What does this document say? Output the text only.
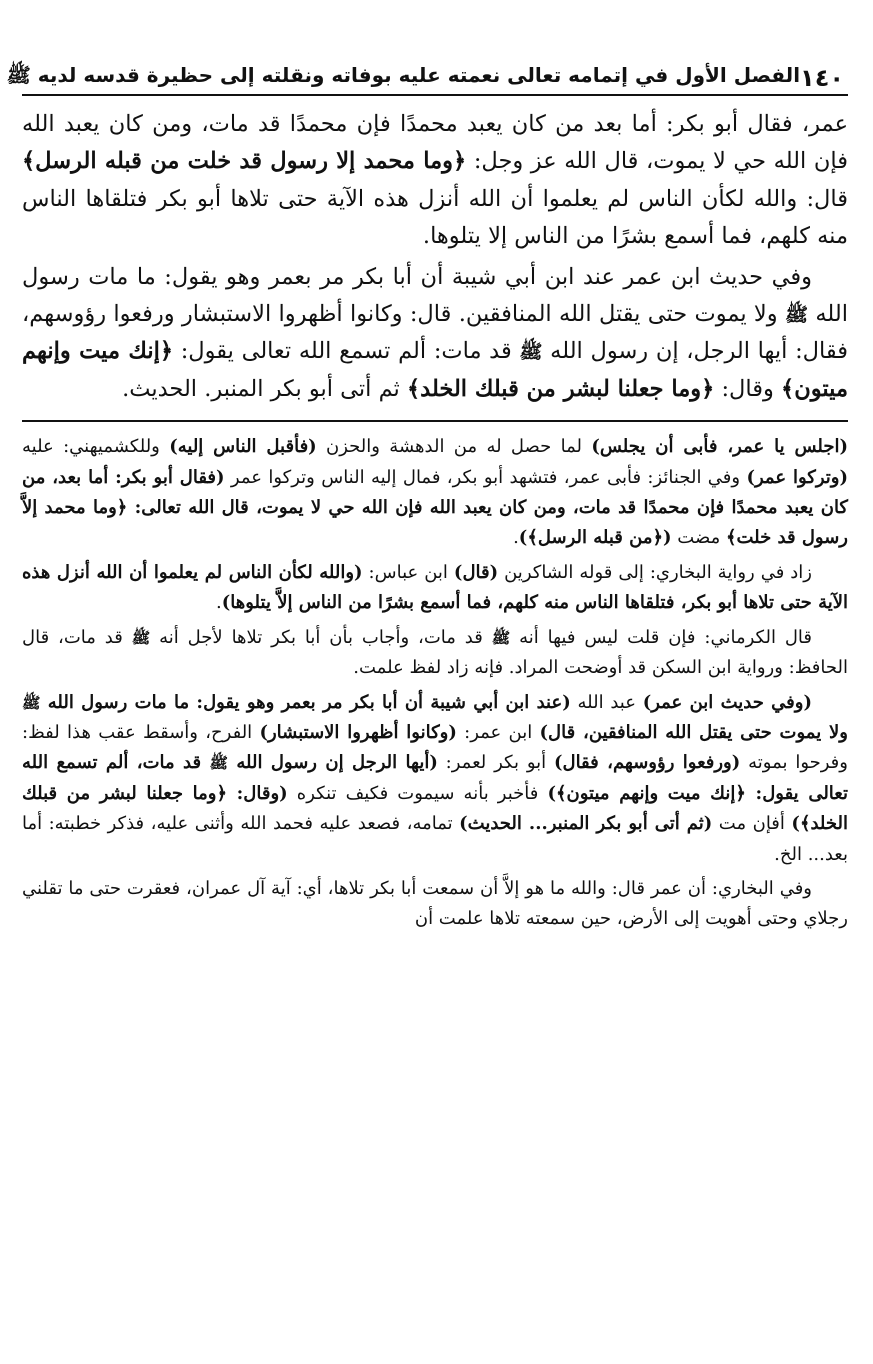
١٤٠
الفصل الأول في إتمامه تعالى نعمته عليه بوفاته ونقلته إلى حظيرة قدسه لديه ﷺ

عمر، فقال أبو بكر: أما بعد من كان يعبد محمدًا فإن محمدًا قد مات، ومن كان يعبد الله فإن الله حي لا يموت، قال الله عز وجل: ﴿وما محمد إلا رسول قد خلت من قبله الرسل﴾ قال: والله لكأن الناس لم يعلموا أن الله أنزل هذه الآية حتى تلاها أبو بكر فتلقاها الناس منه كلهم، فما أسمع بشرًا من الناس إلا يتلوها.

وفي حديث ابن عمر عند ابن أبي شيبة أن أبا بكر مر بعمر وهو يقول: ما مات رسول الله ﷺ ولا يموت حتى يقتل الله المنافقين. قال: وكانوا أظهروا الاستبشار ورفعوا رؤوسهم، فقال: أيها الرجل، إن رسول الله ﷺ قد مات: ألم تسمع الله تعالى يقول: ﴿إنك ميت وإنهم ميتون﴾ وقال: ﴿وما جعلنا لبشر من قبلك الخلد﴾ ثم أتى أبو بكر المنبر. الحديث.

(اجلس يا عمر، فأبى أن يجلس) لما حصل له من الدهشة والحزن (فأقبل الناس إليه) وللكشميهني: عليه (وتركوا عمر) وفي الجنائز: فأبى عمر، فتشهد أبو بكر، فمال إليه الناس وتركوا عمر (فقال أبو بكر: أما بعد، من كان يعبد محمدًا فإن محمدًا قد مات، ومن كان يعبد الله فإن الله حي لا يموت، قال الله تعالى: ﴿وما محمد إلاَّ رسول قد خلت﴾ مضت (﴿من قبله الرسل﴾).

زاد في رواية البخاري: إلى قوله الشاكرين (قال) ابن عباس: (والله لكأن الناس لم يعلموا أن الله أنزل هذه الآية حتى تلاها أبو بكر، فتلقاها الناس منه كلهم، فما أسمع بشرًا من الناس إلاَّ يتلوها).

قال الكرماني: فإن قلت ليس فيها أنه ﷺ قد مات، وأجاب بأن أبا بكر تلاها لأجل أنه ﷺ قد مات، قال الحافظ: ورواية ابن السكن قد أوضحت المراد. فإنه زاد لفظ علمت.

(وفي حديث ابن عمر) عبد الله (عند ابن أبي شيبة أن أبا بكر مر بعمر وهو يقول: ما مات رسول الله ﷺ ولا يموت حتى يقتل الله المنافقين، قال) ابن عمر: (وكانوا أظهروا الاستبشار) الفرح، وأسقط عقب هذا لفظ: وفرحوا بموته (ورفعوا رؤوسهم، فقال) أبو بكر لعمر: (أيها الرجل إن رسول الله ﷺ قد مات، ألم تسمع الله تعالى يقول: ﴿إنك ميت وإنهم ميتون﴾) فأخبر بأنه سيموت فكيف تنكره (وقال: ﴿وما جعلنا لبشر من قبلك الخلد﴾) أفإن مت (ثم أتى أبو بكر المنبر... الحديث) تمامه، فصعد عليه فحمد الله وأثنى عليه، فذكر خطبته: أما بعد... الخ.

وفي البخاري: أن عمر قال: والله ما هو إلاَّ أن سمعت أبا بكر تلاها، أي: آية آل عمران، فعقرت حتى ما تقلني رجلاي وحتى أهويت إلى الأرض، حين سمعته تلاها علمت أن
